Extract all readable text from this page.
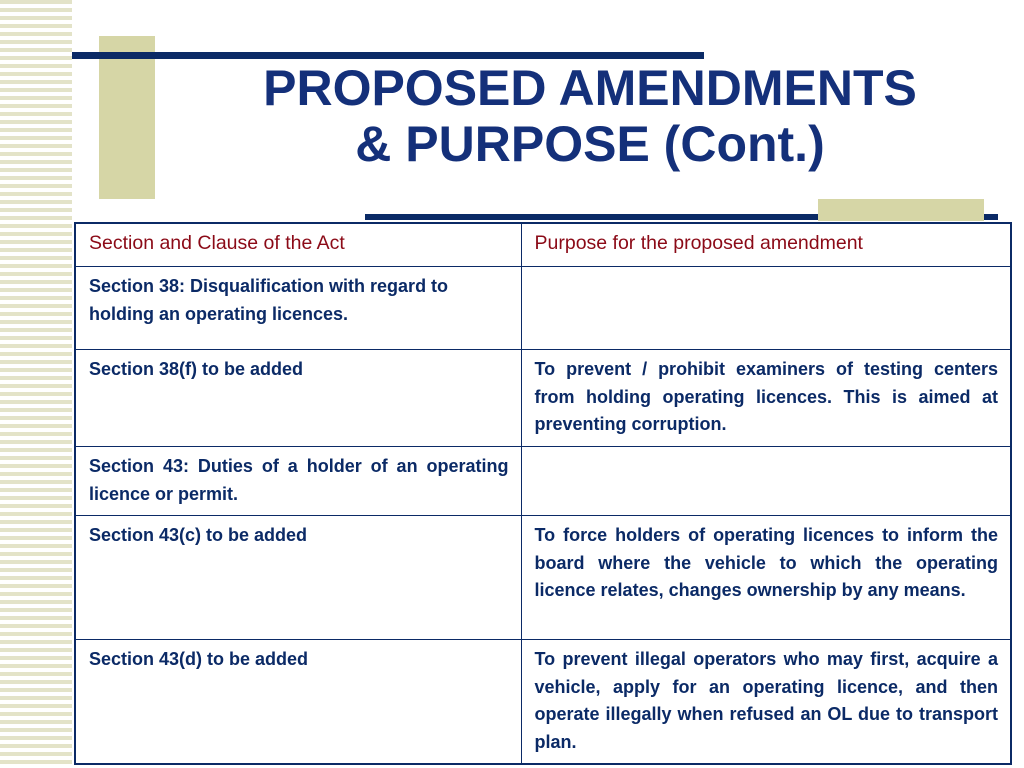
PROPOSED AMENDMENTS
& PURPOSE (Cont.)
Section and Clause of the Act	Purpose for the proposed amendment
Section 38: Disqualification with regard to holding an operating licences.	
Section 38(f) to be added	To prevent / prohibit examiners of testing centers from holding operating licences. This is aimed at preventing corruption.
Section 43: Duties of a holder of an operating licence or permit.	
Section 43(c) to be added	To force holders of operating licences to inform the board where the vehicle to which the operating licence relates, changes ownership by any means.
Section 43(d) to be added	To prevent illegal operators who may first, acquire a vehicle, apply for an operating licence, and then operate illegally when refused an OL due to transport plan.
